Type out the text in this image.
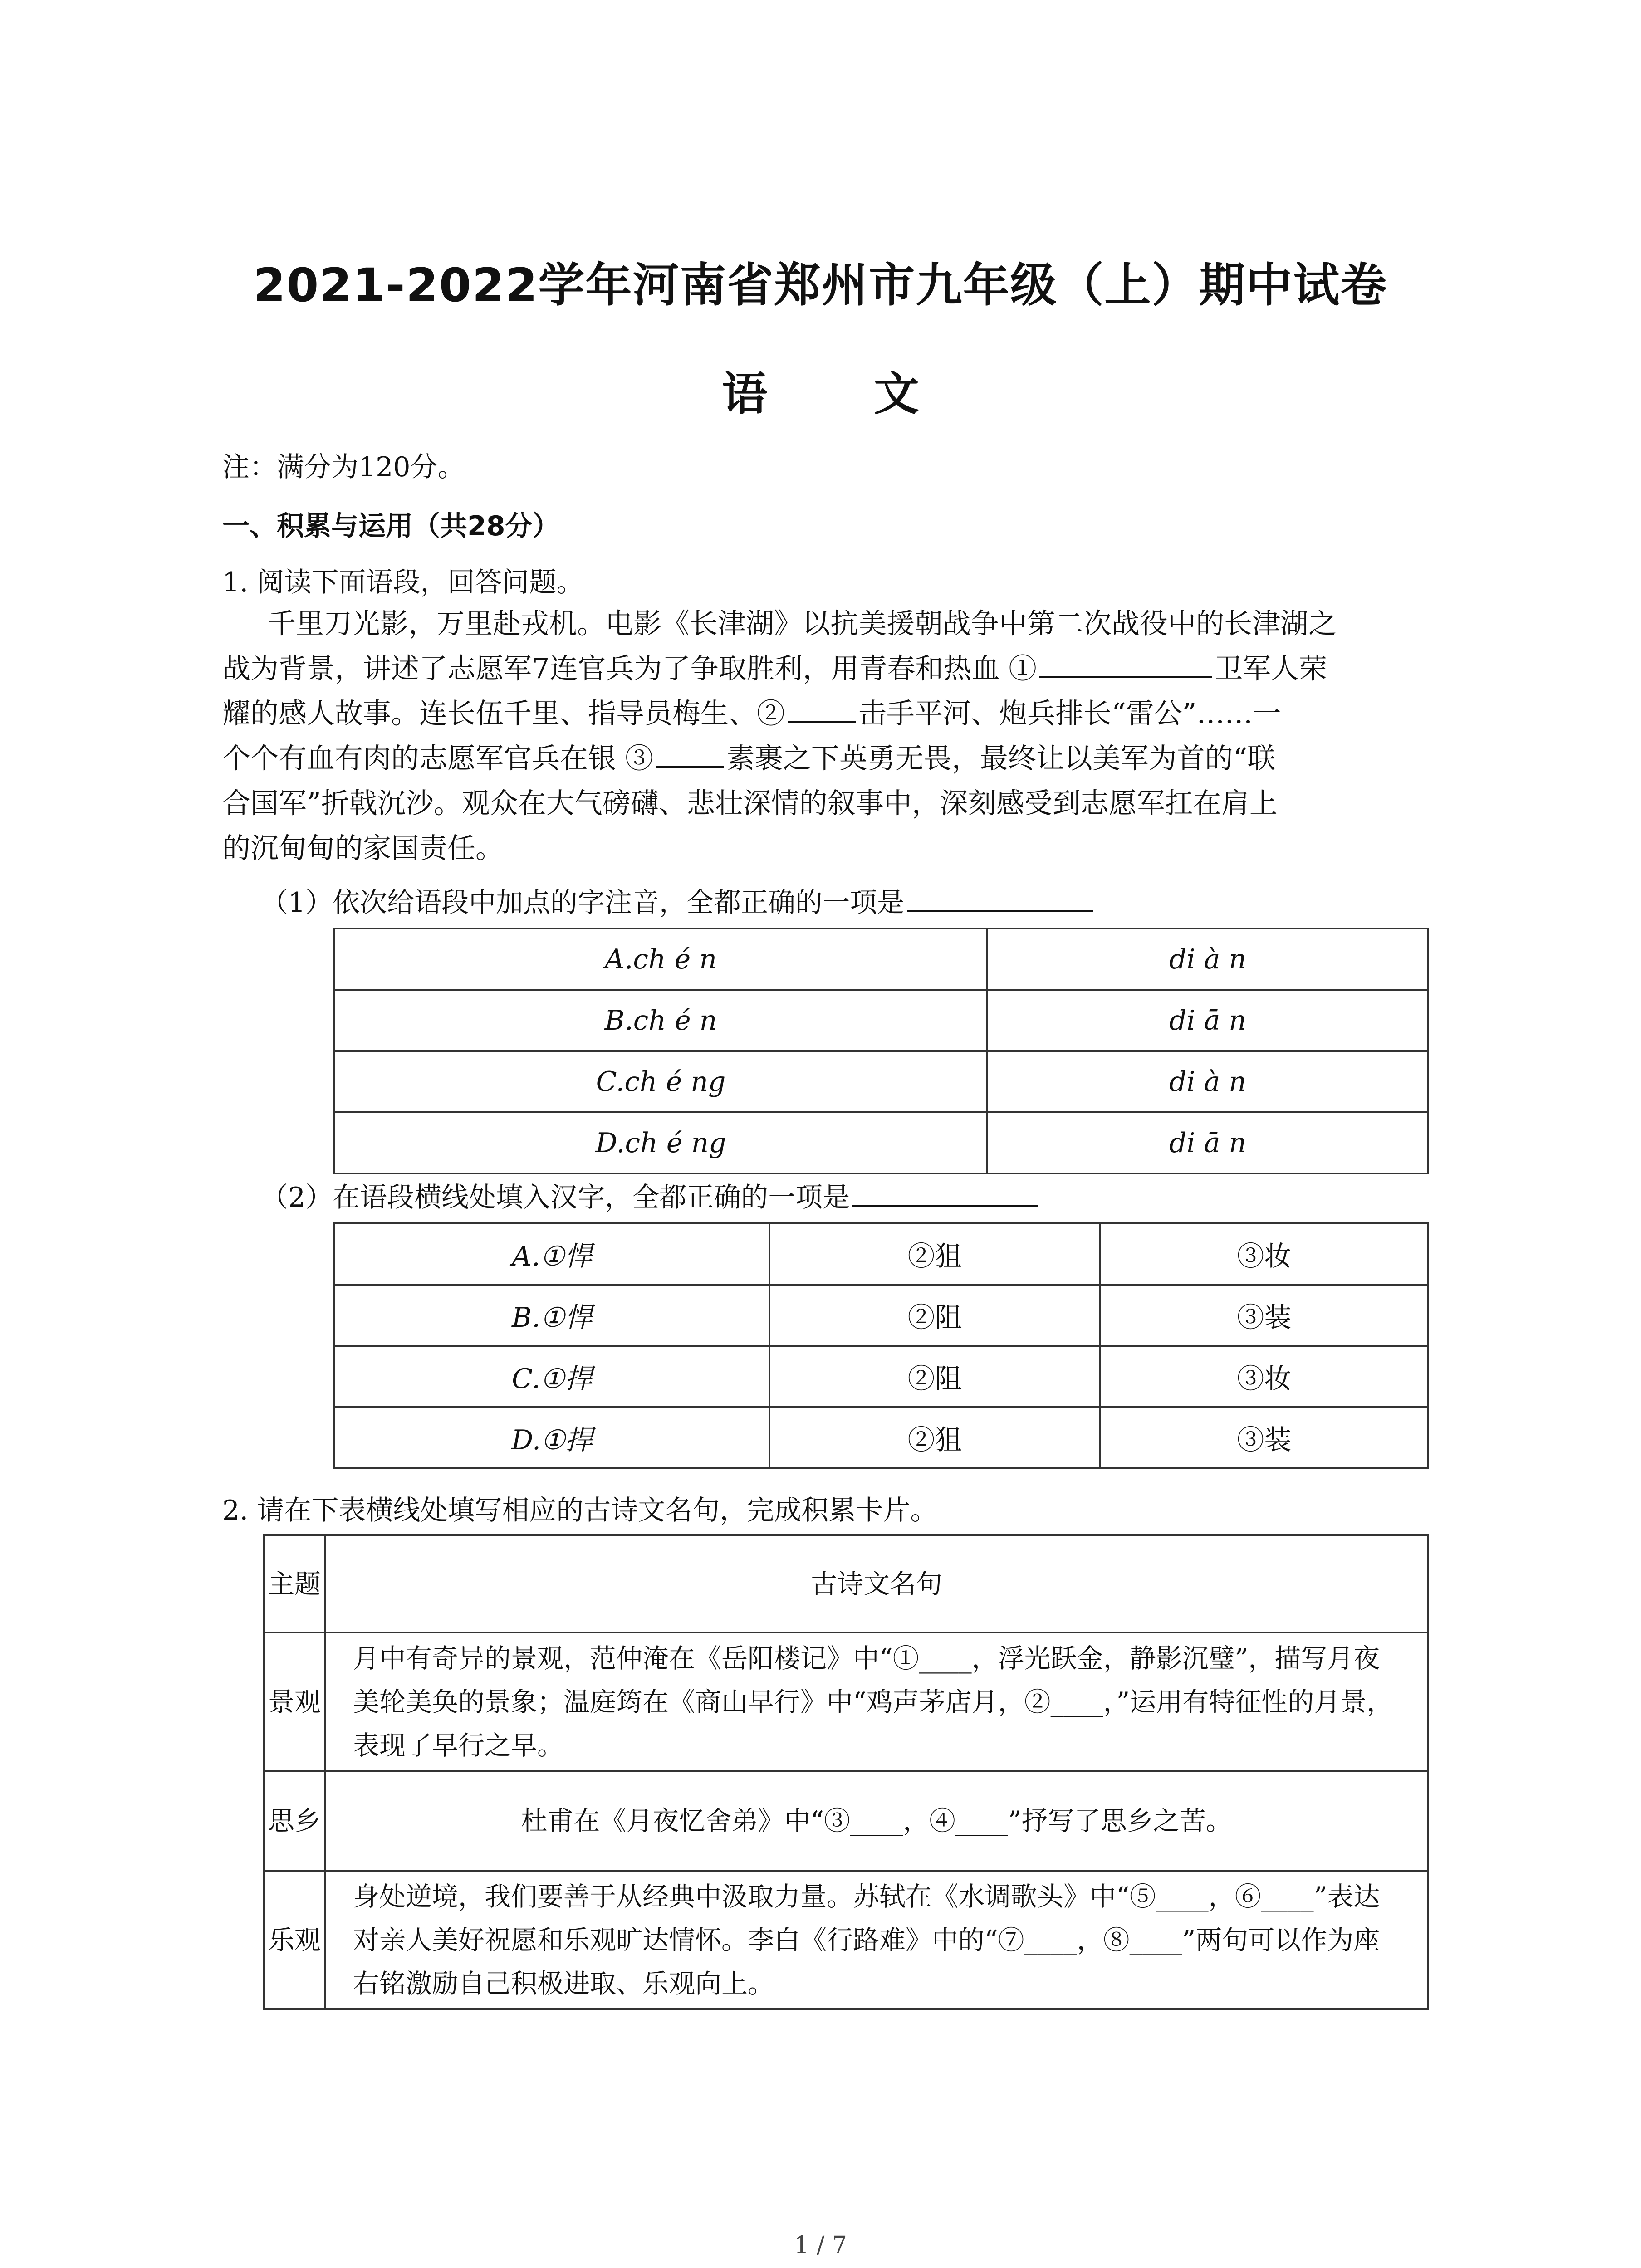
2021-2022学年河南省郑州市九年级（上）期中试卷
语 文
注：满分为120分。
一、积累与运用（共28分）
1. 阅读下面语段，回答问题。
千里刀光影，万里赴戎机。电影《长津湖》以抗美援朝战争中第二次战役中的长津湖之
战为背景，讲述了志愿军7连官兵为了争取胜利，用青春和热血 ①	卫军人荣
耀的感人故事。连长伍千里、指导员梅生、②	击手平河、炮兵排长“雷公”……一
个个有血有肉的志愿军官兵在银 ③	素裹之下英勇无畏，最终让以美军为首的“联
合国军”折戟沉沙。观众在大气磅礴、悲壮深情的叙事中，深刻感受到志愿军扛在肩上
的沉甸甸的家国责任。
（1）依次给语段中加点的字注音，全都正确的一项是
A.ch é n	di à n
B.ch é n	di ā n
C.ch é ng	di à n
D.ch é ng	di ā n
（2）在语段横线处填入汉字，全都正确的一项是
A.①悍	②狙	③妆
B.①悍	②阻	③装
C.①捍	②阻	③妆
D.①捍	②狙	③装
2. 请在下表横线处填写相应的古诗文名句，完成积累卡片。
主题	古诗文名句
景观	月中有奇异的景观，范仲淹在《岳阳楼记》中“①____，浮光跃金，静影沉璧”，描写月夜美轮美奂的景象；温庭筠在《商山早行》中“鸡声茅店月，②____，”运用有特征性的月景，表现了早行之早。
思乡	杜甫在《月夜忆舍弟》中“③____，④____”抒写了思乡之苦。
乐观	身处逆境，我们要善于从经典中汲取力量。苏轼在《水调歌头》中“⑤____，⑥____”表达对亲人美好祝愿和乐观旷达情怀。李白《行路难》中的“⑦____，⑧____”两句可以作为座右铭激励自己积极进取、乐观向上。
1 / 7
